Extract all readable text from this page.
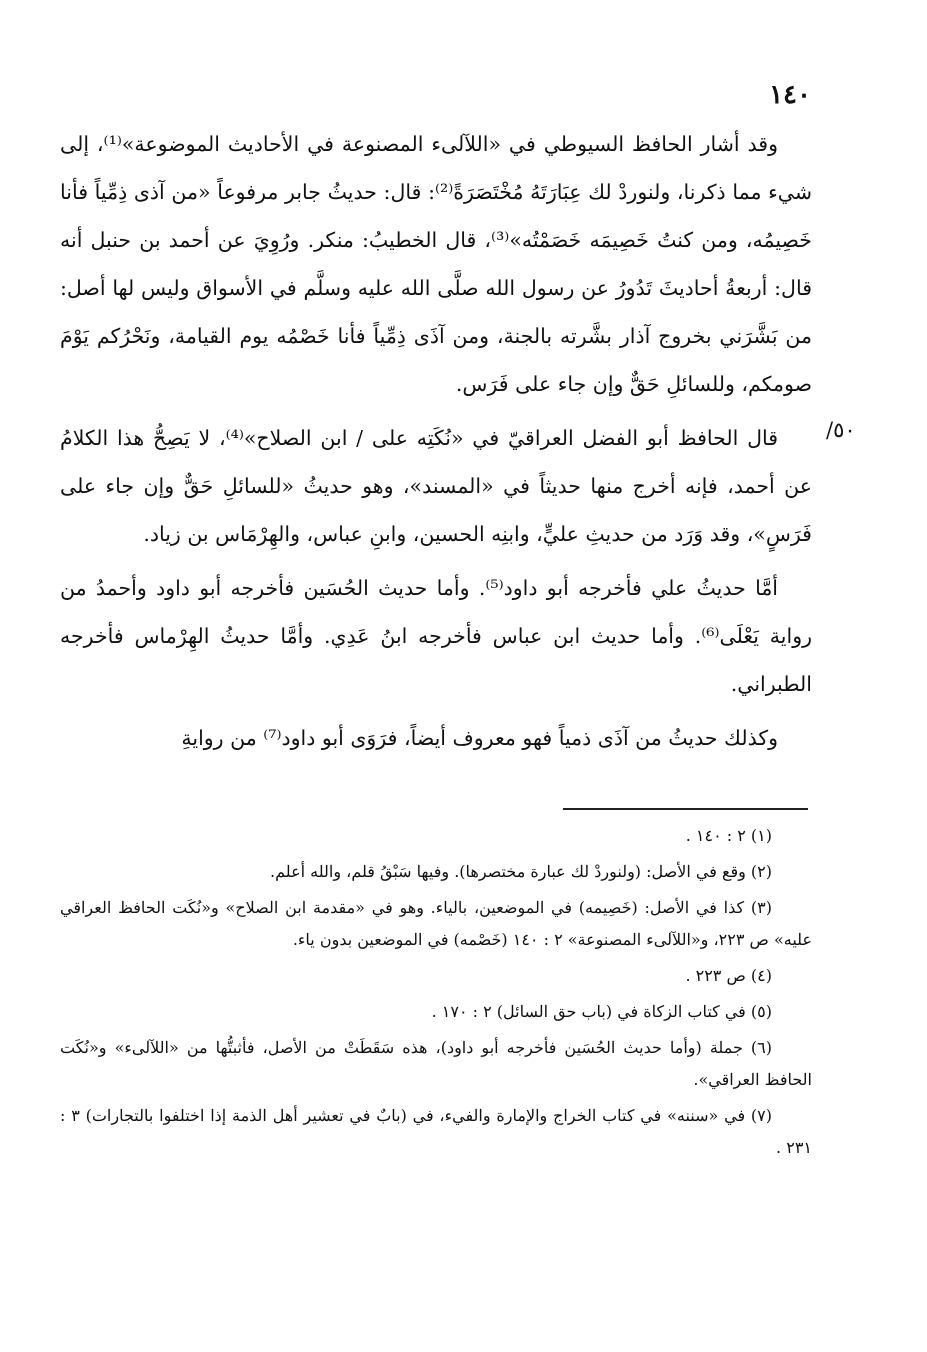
١٤٠
٥٠/

وقد أشار الحافظ السيوطي في «اللآلىء المصنوعة في الأحاديث الموضوعة»⁽¹⁾، إلى شيء مما ذكرنا، ولنوردْ لك عِبَارَتَهُ مُخْتَصَرَةً⁽²⁾: قال: حديثُ جابر مرفوعاً «من آذى ذِمِّياً فأنا خَصِيمُه، ومن كنتُ خَصِيمَه خَصَمْتُه»⁽³⁾، قال الخطيبُ: منكر. ورُوِيَ عن أحمد بن حنبل أنه قال: أربعةُ أحاديثَ تَدُورُ عن رسول الله صلَّى الله عليه وسلَّم في الأسواق وليس لها أصل: من بَشَّرَني بخروج آذار بشَّرته بالجنة، ومن آذَى ذِمِّياً فأنا خَصْمُه يوم القيامة، ونَحْرُكم يَوْمَ صومكم، وللسائلِ حَقٌّ وإن جاء على فَرَس.

قال الحافظ أبو الفضل العراقيّ في «نُكَتِه على / ابن الصلاح»⁽⁴⁾، لا يَصِحُّ هذا الكلامُ عن أحمد، فإنه أخرج منها حديثاً في «المسند»، وهو حديثُ «للسائلِ حَقٌّ وإن جاء على فَرَسٍ»، وقد وَرَد من حديثِ عليٍّ، وابنِه الحسين، وابنِ عباس، والهِرْمَاس بن زياد.

أمَّا حديثُ علي فأخرجه أبو داود⁽⁵⁾. وأما حديث الحُسَين فأخرجه أبو داود وأحمدُ من رواية يَعْلَى⁽⁶⁾. وأما حديث ابن عباس فأخرجه ابنُ عَدِي. وأمَّا حديثُ الهِرْماس فأخرجه الطبراني.

وكذلك حديثُ من آذَى ذمياً فهو معروف أيضاً، فرَوَى أبو داود⁽⁷⁾ من روايةِ

(١) ٢ : ١٤٠ .

(٢) وقع في الأصل: (ولنوردْ لك عبارة مختصرها). وفيها سَبْقُ قلم، والله أعلم.

(٣) كذا في الأصل: (خَصِيمه) في الموضعين، بالياء. وهو في «مقدمة ابن الصلاح» و«نُكَت الحافظ العراقي عليه» ص ٢٢٣، و«اللآلىء المصنوعة» ٢ : ١٤٠ (خَصْمه) في الموضعين بدون ياء.

(٤) ص ٢٢٣ .

(٥) في كتاب الزكاة في (باب حق السائل) ٢ : ١٧٠ .

(٦) جملة (وأما حديث الحُسَين فأخرجه أبو داود)، هذه سَقَطَتْ من الأصل، فأثبتُّها من «اللآلىء» و«نُكَت الحافظ العراقي».

(٧) في «سننه» في كتاب الخراج والإمارة والفيء، في (بابٌ في تعشير أهل الذمة إذا اختلفوا بالتجارات) ٣ : ٢٣١ .
